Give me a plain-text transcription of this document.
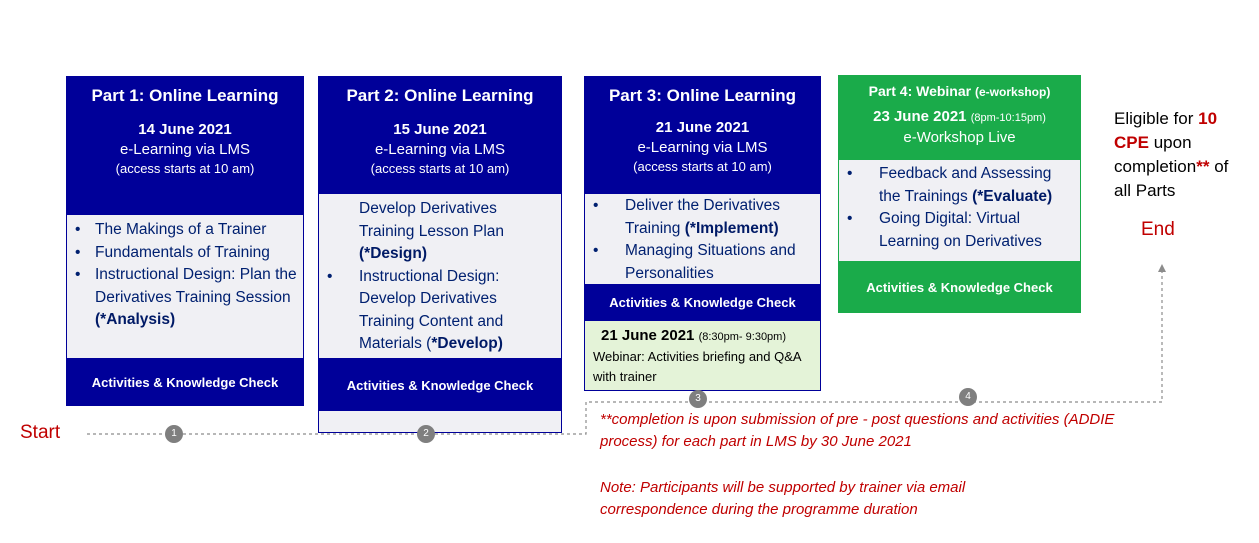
Part 1: Online Learning
14 June 2021
e-Learning via LMS
(access starts at 10 am)
• The Makings of a Trainer
• Fundamentals of Training
• Instructional Design: Plan the Derivatives Training Session (*Analysis)
Activities & Knowledge Check
Part 2: Online Learning
15 June 2021
e-Learning via LMS
(access starts at 10 am)
Develop Derivatives Training Lesson Plan (*Design)
• Instructional Design: Develop Derivatives Training Content and Materials (*Develop)
Activities & Knowledge Check
Part 3: Online Learning
21 June 2021
e-Learning via LMS
(access starts at 10 am)
• Deliver the Derivatives Training (*Implement)
• Managing Situations and Personalities
Activities & Knowledge Check
21 June 2021 (8:30pm- 9:30pm)
Webinar: Activities briefing and Q&A with trainer
Part 4: Webinar (e-workshop)
23 June 2021 (8pm-10:15pm)
e-Workshop Live
• Feedback and Assessing the Trainings (*Evaluate)
• Going Digital: Virtual Learning on Derivatives
Activities & Knowledge Check
Eligible for 10 CPE upon completion** of all Parts
End
Start	1	2
3	4
**completion is upon submission of pre - post questions and activities (ADDIE process) for each part in LMS by 30 June 2021
Note: Participants will be supported by trainer via email correspondence during the programme duration
